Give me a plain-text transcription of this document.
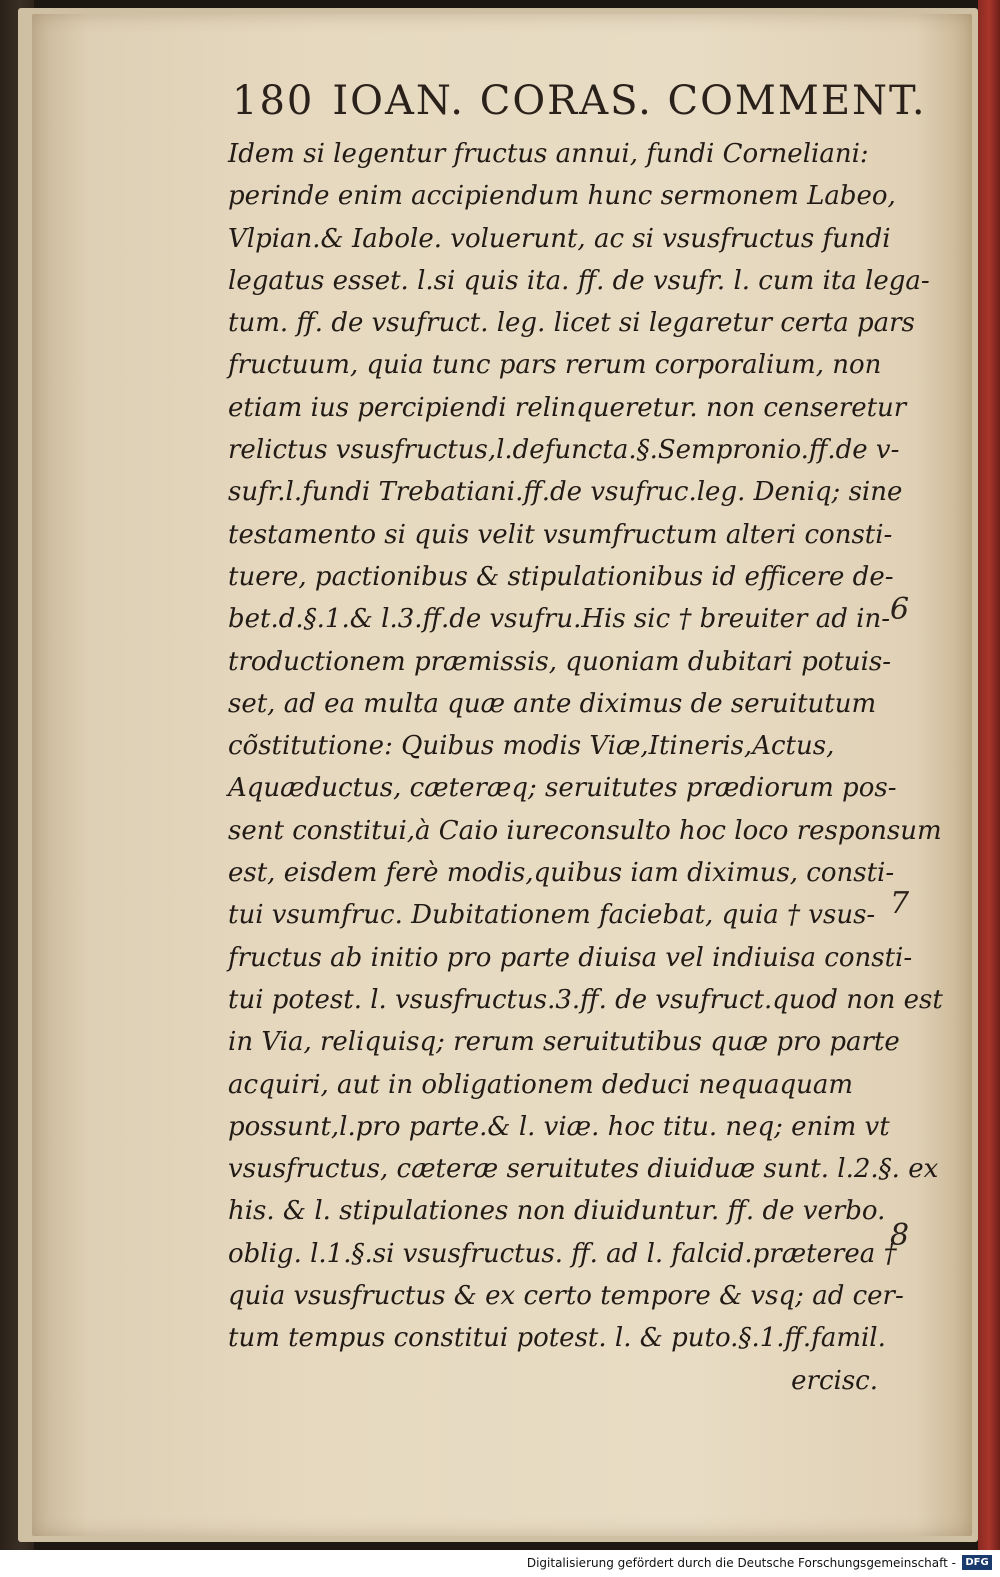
180 IOAN. CORAS. COMMENT.
Idem si legentur fructus annui, fundi Corneliani:
perinde enim accipiendum hunc sermonem Labeo,
Vlpian.& Iabole. voluerunt, ac si vsusfructus fundi
legatus esset. l.si quis ita. ff. de vsufr. l. cum ita lega-
tum. ff. de vsufruct. leg. licet si legaretur certa pars
fructuum, quia tunc pars rerum corporalium, non
etiam ius percipiendi relinqueretur. non censeretur
relictus vsusfructus,l.defuncta.§.Sempronio.ff.de v-
sufr.l.fundi Trebatiani.ff.de vsufruc.leg. Deniq; sine
testamento si quis velit vsumfructum alteri consti-
tuere, pactionibus & stipulationibus id efficere de-
bet.d.§.1.& l.3.ff.de vsufru.His sic † breuiter ad in-
troductionem præmissis, quoniam dubitari potuis-
set, ad ea multa quæ ante diximus de seruitutum
cõstitutione: Quibus modis Viæ,Itineris,Actus,
Aquæductus, cæteræq; seruitutes prædiorum pos-
sent constitui,à Caio iureconsulto hoc loco responsum
est, eisdem ferè modis,quibus iam diximus, consti-
tui vsumfruc. Dubitationem faciebat, quia † vsus-
fructus ab initio pro parte diuisa vel indiuisa consti-
tui potest. l. vsusfructus.3.ff. de vsufruct.quod non est
in Via, reliquisq; rerum seruitutibus quæ pro parte
acquiri, aut in obligationem deduci nequaquam
possunt,l.pro parte.& l. viæ. hoc titu. neq; enim vt
vsusfructus, cæteræ seruitutes diuiduæ sunt. l.2.§. ex
his. & l. stipulationes non diuiduntur. ff. de verbo.
oblig. l.1.§.si vsusfructus. ff. ad l. falcid.præterea †
quia vsusfructus & ex certo tempore & vsq; ad cer-
tum tempus constitui potest. l. & puto.§.1.ff.famil.
ercisc.
6
7
8
Digitalisierung gefördert durch die Deutsche Forschungsgemeinschaft - DFG
